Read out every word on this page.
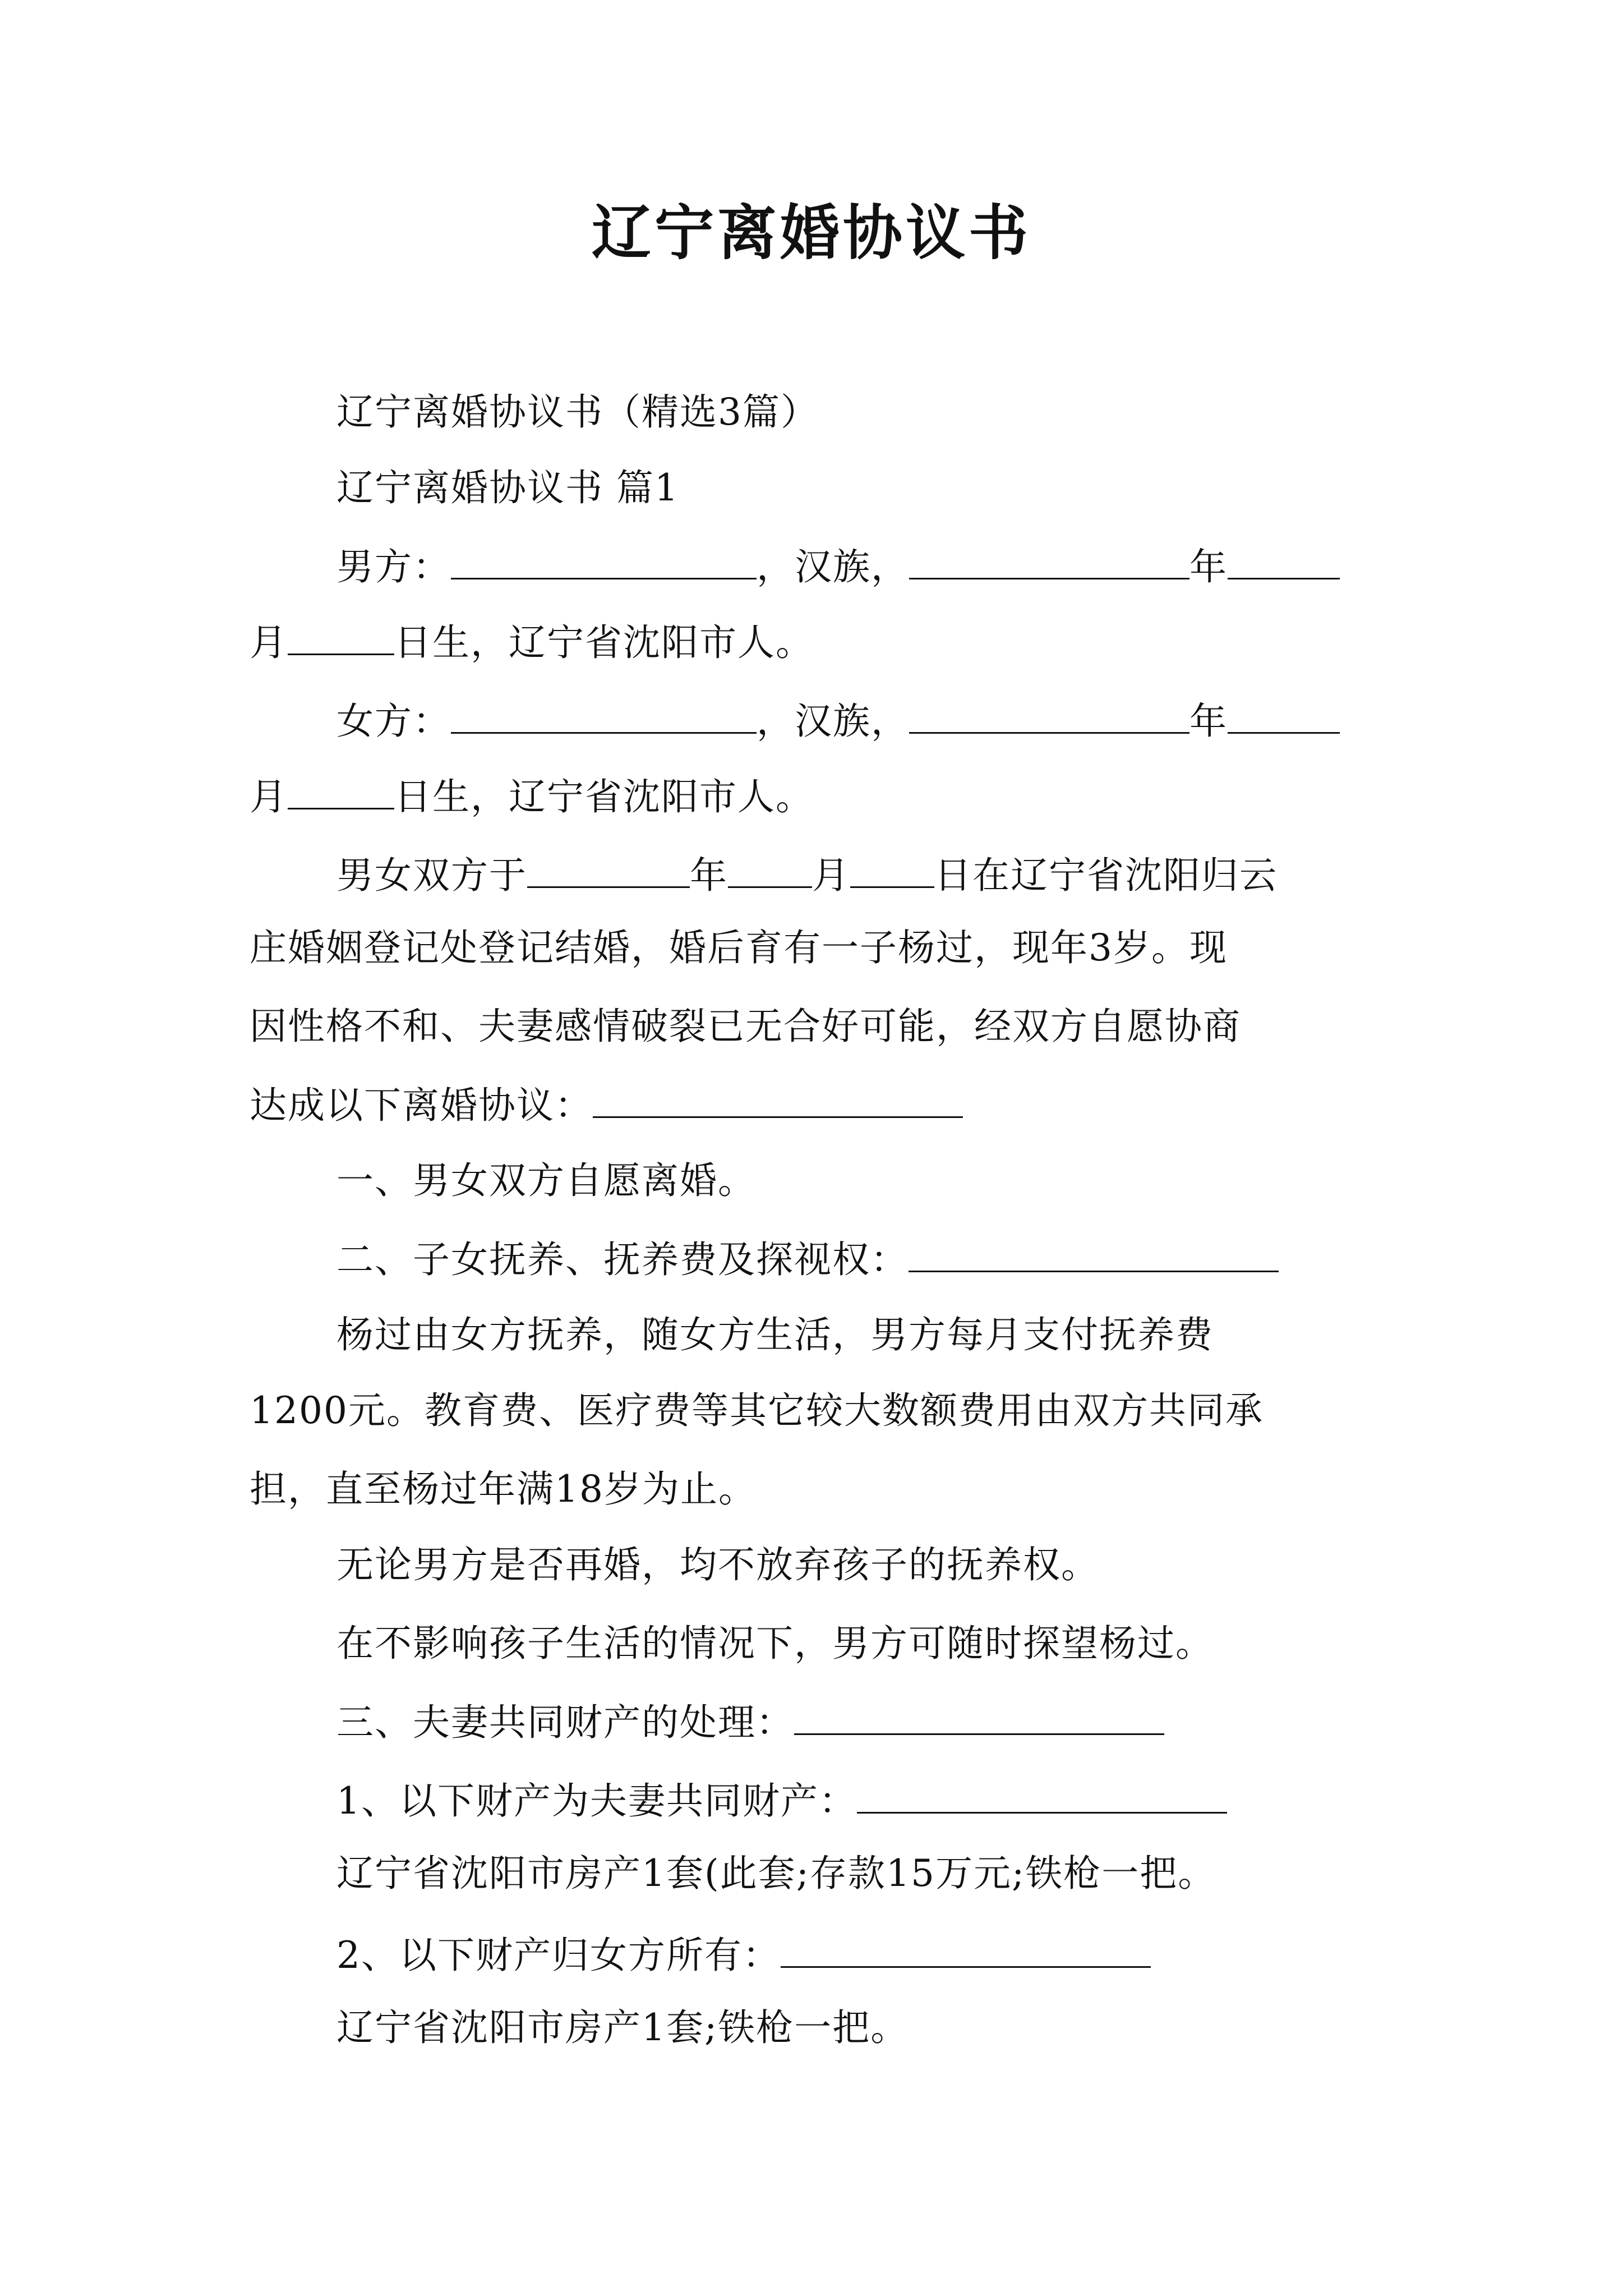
辽宁离婚协议书
辽宁离婚协议书（精选3篇）
辽宁离婚协议书 篇1
男方：	，汉族，	年
月	日生，辽宁省沈阳市人。
女方：	，汉族，	年
月	日生，辽宁省沈阳市人。
男女双方于	年 月 日在辽宁省沈阳归云
庄婚姻登记处登记结婚，婚后育有一子杨过，现年3岁。现
因性格不和、夫妻感情破裂已无合好可能，经双方自愿协商
达成以下离婚协议：
一、男女双方自愿离婚。
二、子女抚养、抚养费及探视权：
杨过由女方抚养，随女方生活，男方每月支付抚养费
1200元。教育费、医疗费等其它较大数额费用由双方共同承
担，直至杨过年满18岁为止。
无论男方是否再婚，均不放弃孩子的抚养权。
在不影响孩子生活的情况下，男方可随时探望杨过。
三、夫妻共同财产的处理：
1、以下财产为夫妻共同财产：
辽宁省沈阳市房产1套(此套;存款15万元;铁枪一把。
2、以下财产归女方所有：
辽宁省沈阳市房产1套;铁枪一把。
